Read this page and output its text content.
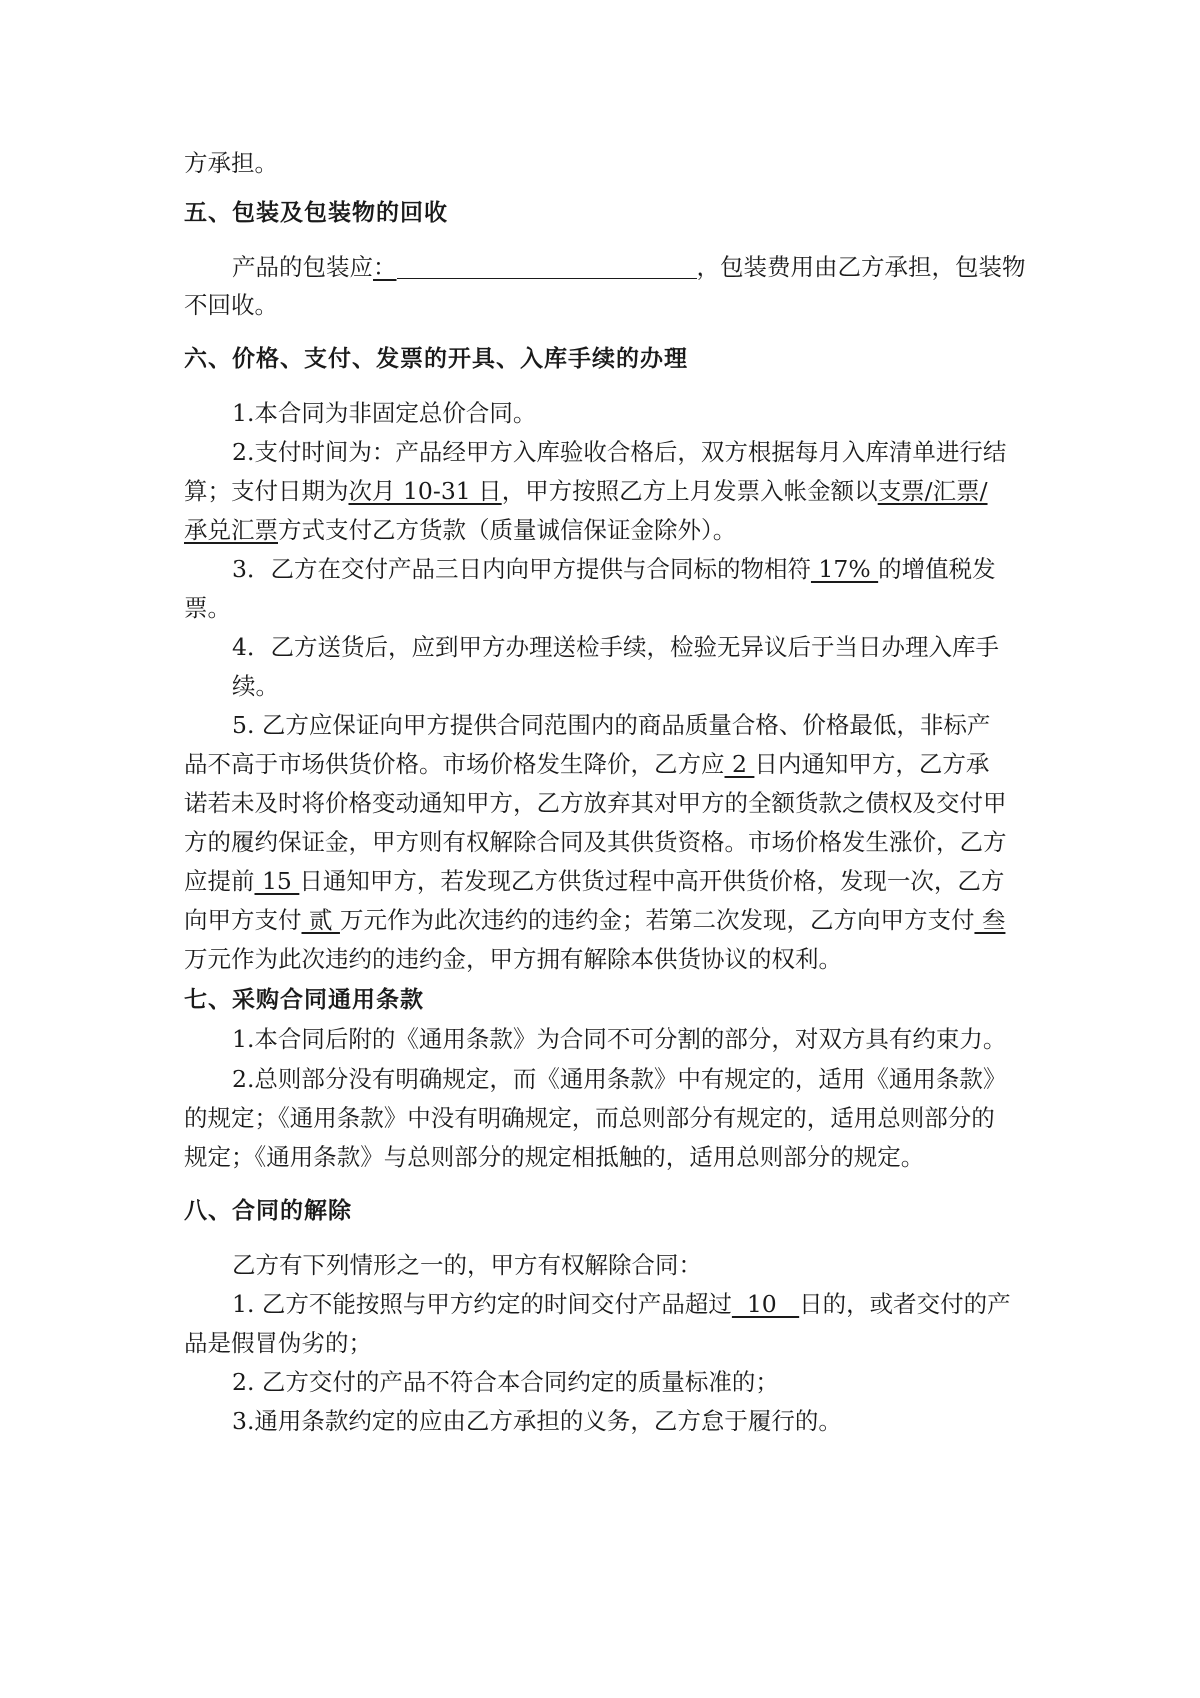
方承担。
五、包装及包装物的回收
产品的包装应：	，包装费用由乙方承担，包装物
不回收。
六、价格、支付、发票的开具、入库手续的办理
1.本合同为非固定总价合同。
2.支付时间为：产品经甲方入库验收合格后，双方根据每月入库清单进行结
算；支付日期为次月 10-31 日，甲方按照乙方上月发票入帐金额以支票/汇票/
承兑汇票方式支付乙方货款（质量诚信保证金除外）。
3．乙方在交付产品三日内向甲方提供与合同标的物相符 17% 的增值税发
票。
4．乙方送货后，应到甲方办理送检手续，检验无异议后于当日办理入库手
续。
5. 乙方应保证向甲方提供合同范围内的商品质量合格、价格最低，非标产
品不高于市场供货价格。市场价格发生降价，乙方应 2 日内通知甲方，乙方承
诺若未及时将价格变动通知甲方，乙方放弃其对甲方的全额货款之债权及交付甲
方的履约保证金，甲方则有权解除合同及其供货资格。市场价格发生涨价，乙方
应提前 15 日通知甲方，若发现乙方供货过程中高开供货价格，发现一次，乙方
向甲方支付 贰 万元作为此次违约的违约金；若第二次发现，乙方向甲方支付 叁
万元作为此次违约的违约金，甲方拥有解除本供货协议的权利。
七、采购合同通用条款
1.本合同后附的《通用条款》为合同不可分割的部分，对双方具有约束力。
2.总则部分没有明确规定，而《通用条款》中有规定的，适用《通用条款》
的规定；《通用条款》中没有明确规定，而总则部分有规定的，适用总则部分的
规定；《通用条款》与总则部分的规定相抵触的，适用总则部分的规定。
八、合同的解除
乙方有下列情形之一的，甲方有权解除合同：
1. 乙方不能按照与甲方约定的时间交付产品超过  10   日的，或者交付的产
品是假冒伪劣的；
2. 乙方交付的产品不符合本合同约定的质量标准的；
3.通用条款约定的应由乙方承担的义务，乙方怠于履行的。
